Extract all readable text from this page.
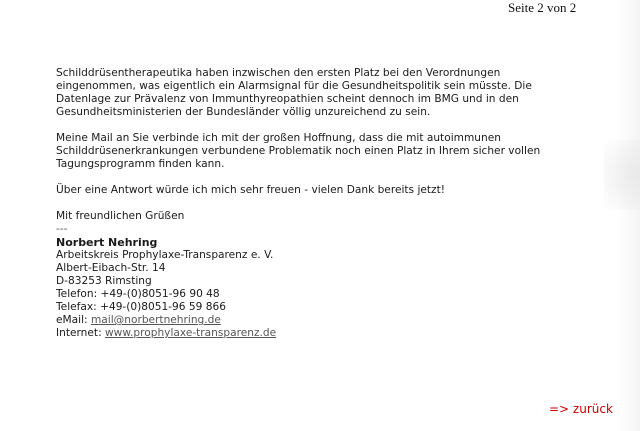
Seite 2 von 2

Schilddrüsentherapeutika haben inzwischen den ersten Platz bei den Verordnungen
eingenommen, was eigentlich ein Alarmsignal für die Gesundheitspolitik sein müsste. Die
Datenlage zur Prävalenz von Immunthyreopathien scheint dennoch im BMG und in den
Gesundheitsministerien der Bundesländer völlig unzureichend zu sein.

Meine Mail an Sie verbinde ich mit der großen Hoffnung, dass die mit autoimmunen
Schilddrüsenerkrankungen verbundene Problematik noch einen Platz in Ihrem sicher vollen
Tagungsprogramm finden kann.

Über eine Antwort würde ich mich sehr freuen - vielen Dank bereits jetzt!

Mit freundlichen Grüßen

---

Norbert Nehring

Arbeitskreis Prophylaxe-Transparenz e. V.

Albert-Eibach-Str. 14

D-83253 Rimsting

Telefon: +49-(0)8051-96 90 48

Telefax: +49-(0)8051-96 59 866

eMail: mail@norbertnehring.de

Internet: www.prophylaxe-transparenz.de

=> zurück
